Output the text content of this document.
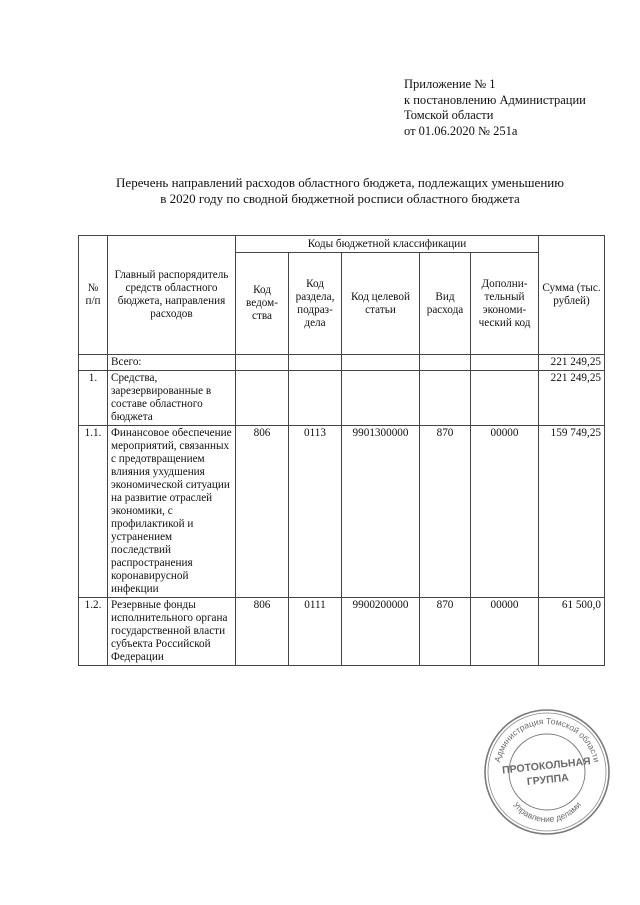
Приложение № 1
к постановлению Администрации
Томской области
от 01.06.2020 № 251а
Перечень направлений расходов областного бюджета, подлежащих уменьшению
в 2020 году по сводной бюджетной росписи областного бюджета
№ п/п	Главный распорядитель средств областного бюджета, направления расходов	Коды бюджетной классификации					Сумма (тыс. рублей)
		Код ведом-ства	Код раздела, подраз-дела	Код целевой статьи	Вид расхода	Дополни-тельный экономи-ческий код	
	Всего:						221 249,25
1.	Средства, зарезервированные в составе областного бюджета						221 249,25
1.1.	Финансовое обеспечение мероприятий, связанных с предотвращением влияния ухудшения экономической ситуации на развитие отраслей экономики, с профилактикой и устранением последствий распространения коронавирусной инфекции	806	0113	9901300000	870	00000	159 749,25
1.2.	Резервные фонды исполнительного органа государственной власти субъекта Российской Федерации	806	0111	9900200000	870	00000	61 500,0
Администрация Томской области
Управление делами
ПРОТОКОЛЬНАЯ
ГРУППА
